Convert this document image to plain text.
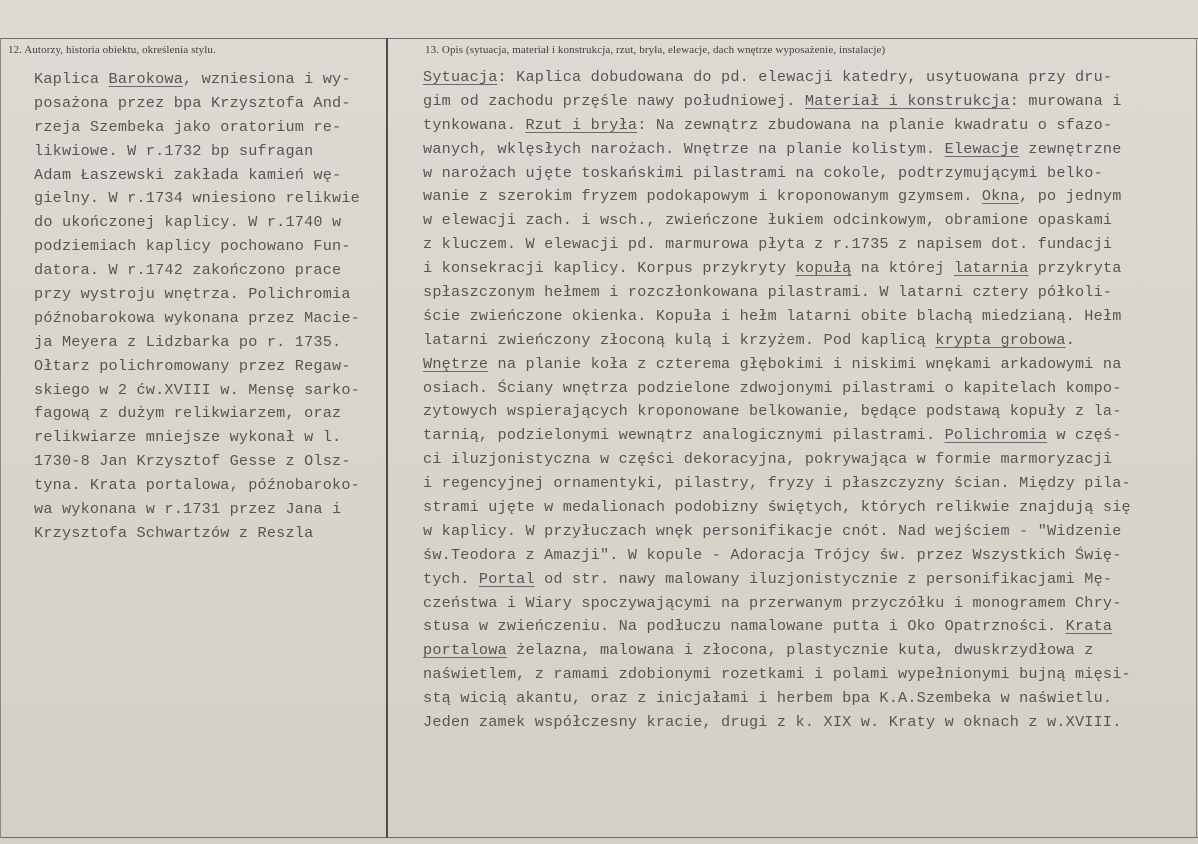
12. Autorzy, historia obiektu, określenia stylu.	13. Opis (sytuacja, materiał i konstrukcja, rzut, bryła, elewacje, dach wnętrze wyposażenie, instalacje)
Kaplica Barokowa, wzniesiona i wy-
posażona przez bpa Krzysztofa And-
rzeja Szembeka jako oratorium re-
likwiowe. W r.1732 bp sufragan
Adam Łaszewski zakłada kamień wę-
gielny. W r.1734 wniesiono relikwie
do ukończonej kaplicy. W r.1740 w
podziemiach kaplicy pochowano Fun-
datora. W r.1742 zakończono prace
przy wystroju wnętrza. Polichromia
późnobarokowa wykonana przez Macie-
ja Meyera z Lidzbarka po r. 1735.
Ołtarz polichromowany przez Regaw-
skiego w 2 ćw.XVIII w. Mensę sarko-
fagową z dużym relikwiarzem, oraz
relikwiarze mniejsze wykonał w l.
1730-8 Jan Krzysztof Gesse z Olsz-
tyna. Krata portalowa, późnobaroko-
wa wykonana w r.1731 przez Jana i
Krzysztofa Schwartzów z Reszla
Sytuacja: Kaplica dobudowana do pd. elewacji katedry, usytuowana przy dru-
gim od zachodu przęśle nawy południowej. Materiał i konstrukcja: murowana i
tynkowana. Rzut i bryła: Na zewnątrz zbudowana na planie kwadratu o sfazo-
wanych, wklęsłych narożach. Wnętrze na planie kolistym. Elewacje zewnętrzne
w narożach ujęte toskańskimi pilastrami na cokole, podtrzymującymi belko-
wanie z szerokim fryzem podokapowym i kroponowanym gzymsem. Okna, po jednym
w elewacji zach. i wsch., zwieńczone łukiem odcinkowym, obramione opaskami
z kluczem. W elewacji pd. marmurowa płyta z r.1735 z napisem dot. fundacji
i konsekracji kaplicy. Korpus przykryty kopułą na której latarnia przykryta
spłaszczonym hełmem i rozczłonkowana pilastrami. W latarni cztery półkoli-
ście zwieńczone okienka. Kopuła i hełm latarni obite blachą miedzianą. Hełm
latarni zwieńczony złoconą kulą i krzyżem. Pod kaplicą krypta grobowa.
Wnętrze na planie koła z czterema głębokimi i niskimi wnękami arkadowymi na
osiach. Ściany wnętrza podzielone zdwojonymi pilastrami o kapitelach kompo-
zytowych wspierających kroponowane belkowanie, będące podstawą kopuły z la-
tarnią, podzielonymi wewnątrz analogicznymi pilastrami. Polichromia w częś-
ci iluzjonistyczna w części dekoracyjna, pokrywająca w formie marmoryzacji
i regencyjnej ornamentyki, pilastry, fryzy i płaszczyzny ścian. Między pila-
strami ujęte w medalionach podobizny świętych, których relikwie znajdują się
w kaplicy. W przyłuczach wnęk personifikacje cnót. Nad wejściem - "Widzenie
św.Teodora z Amazji". W kopule - Adoracja Trójcy św. przez Wszystkich Świę-
tych. Portal od str. nawy malowany iluzjonistycznie z personifikacjami Mę-
czeństwa i Wiary spoczywającymi na przerwanym przyczółku i monogramem Chry-
stusa w zwieńczeniu. Na podłuczu namalowane putta i Oko Opatrzności. Krata
portalowa żelazna, malowana i złocona, plastycznie kuta, dwuskrzydłowa z
naświetlem, z ramami zdobionymi rozetkami i polami wypełnionymi bujną mięsi-
stą wicią akantu, oraz z inicjałami i herbem bpa K.A.Szembeka w naświetlu.
Jeden zamek współczesny kracie, drugi z k. XIX w. Kraty w oknach z w.XVIII.
